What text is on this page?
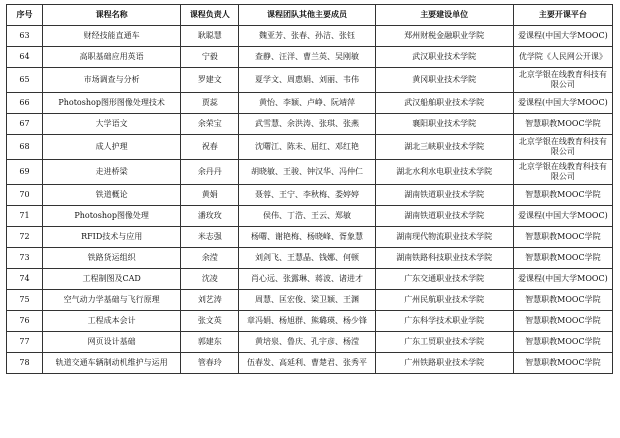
序号	课程名称	课程负责人	课程团队其他主要成员	主要建设单位	主要开课平台
63	财经技能直通车	耿聪慧	魏亚芳、张春、孙洁、张钰	郑州财税金融职业学院	爱课程(中国大学MOOC)
64	高职基础应用英语	宁毅	查静、汪洋、曹兰英、吴刚敏	武汉职业技术学院	优学院《人民网公开课》
65	市场调查与分析	罗建文	夏学文、周惠娟、刘丽、韦伟	黄冈职业技术学院	北京学银在线教育科技有限公司
66	Photoshop图形图像处理技术	贾蕊	黄怡、李颖、卢峥、阮靖萍	武汉船舶职业技术学院	爱课程(中国大学MOOC)
67	大学语文	余荣宝	武雪慧、余洪涛、张琪、张燕	襄阳职业技术学院	智慧职教MOOC学院
68	成人护理	祝春	沈曙江、陈未、屈红、邓红艳	湖北三峡职业技术学院	北京学银在线教育科技有限公司
69	走进桥梁	余丹丹	胡晓敏、王骏、钟汉华、冯仲仁	湖北水利水电职业技术学院	北京学银在线教育科技有限公司
70	铁道概论	黄娟	聂蓉、王宁、李秋梅、娄婷婷	湖南铁道职业技术学院	智慧职教MOOC学院
71	Photoshop图像处理	潘玫玫	侯伟、丁浩、王云、郑敏	湖南铁道职业技术学院	爱课程(中国大学MOOC)
72	RFID技术与应用	米志强	杨曙、谢艳梅、杨晓峰、胥象慧	湖南现代物流职业技术学院	智慧职教MOOC学院
73	铁路货运组织	余滢	刘剑飞、王慧晶、钱娜、何顿	湖南铁路科技职业技术学院	智慧职教MOOC学院
74	工程制图及CAD	沈凌	肖心远、张露琳、蒋波、诸进才	广东交通职业技术学院	爱课程(中国大学MOOC)
75	空气动力学基础与飞行原理	刘艺涛	周慧、匡宏俊、梁卫颖、王渊	广州民航职业技术学院	智慧职教MOOC学院
76	工程成本会计	张文英	章冯娟、杨旭群、熊璐瑛、杨少锋	广东科学技术职业学院	智慧职教MOOC学院
77	网页设计基础	郭建东	黄培泉、鲁庆、孔宇彦、杨滢	广东工贸职业技术学院	智慧职教MOOC学院
78	轨道交通车辆制动机维护与运用	管春玲	伍春发、高延利、曹楚君、张秀平	广州铁路职业技术学院	智慧职教MOOC学院
